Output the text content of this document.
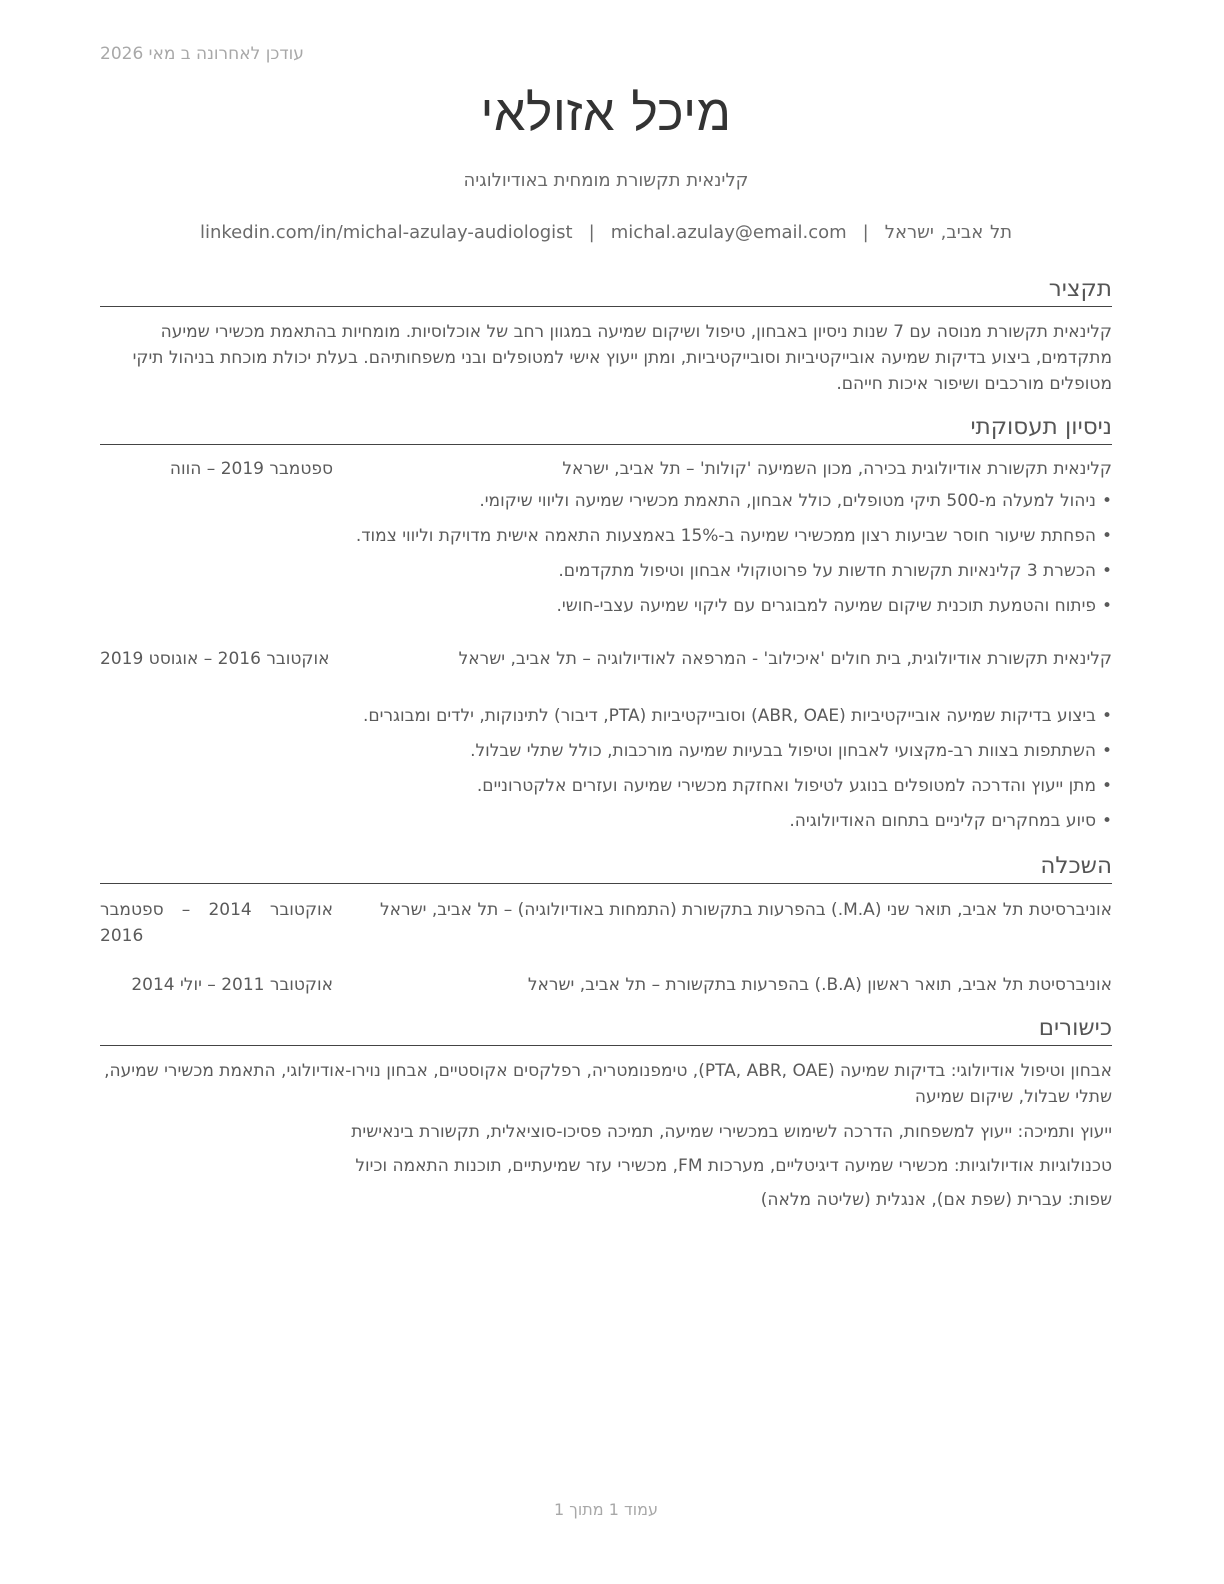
עודכן לאחרונה ב מאי 2026
מיכל אזולאי
קלינאית תקשורת מומחית באודיולוגיה
תל אביב, ישראל|michal.azulay@email.com|linkedin.com/in/michal-azulay-audiologist
תקציר
קלינאית תקשורת מנוסה עם 7 שנות ניסיון באבחון, טיפול ושיקום שמיעה במגוון רחב של אוכלוסיות. מומחיות בהתאמת מכשירי שמיעה מתקדמים, ביצוע בדיקות שמיעה אובייקטיביות וסובייקטיביות, ומתן ייעוץ אישי למטופלים ובני משפחותיהם. בעלת יכולת מוכחת בניהול תיקי מטופלים מורכבים ושיפור איכות חייהם.
ניסיון תעסוקתי
קלינאית תקשורת אודיולוגית בכירה, מכון השמיעה 'קולות' – תל אביב, ישראל
ספטמבר 2019 – הווה
•
ניהול למעלה מ-500 תיקי מטופלים, כולל אבחון, התאמת מכשירי שמיעה וליווי שיקומי.
•
הפחתת שיעור חוסר שביעות רצון ממכשירי שמיעה ב-15% באמצעות התאמה אישית מדויקת וליווי צמוד.
•
הכשרת 3 קלינאיות תקשורת חדשות על פרוטוקולי אבחון וטיפול מתקדמים.
•
פיתוח והטמעת תוכנית שיקום שמיעה למבוגרים עם ליקוי שמיעה עצבי-חושי.
קלינאית תקשורת אודיולוגית, בית חולים 'איכילוב' - המרפאה לאודיולוגיה – תל אביב, ישראל
אוקטובר 2016 – אוגוסט 2019
•
ביצוע בדיקות שמיעה אובייקטיביות (ABR, OAE) וסובייקטיביות (PTA, דיבור) לתינוקות, ילדים ומבוגרים.
•
השתתפות בצוות רב-מקצועי לאבחון וטיפול בבעיות שמיעה מורכבות, כולל שתלי שבלול.
•
מתן ייעוץ והדרכה למטופלים בנוגע לטיפול ואחזקת מכשירי שמיעה ועזרים אלקטרוניים.
•
סיוע במחקרים קליניים בתחום האודיולוגיה.
השכלה
אוניברסיטת תל אביב, תואר שני (M.A.) בהפרעות בתקשורת (התמחות באודיולוגיה) – תל אביב, ישראל
אוקטובר 2014 – ספטמבר 2016
אוניברסיטת תל אביב, תואר ראשון (B.A.) בהפרעות בתקשורת – תל אביב, ישראל
אוקטובר 2011 – יולי 2014
כישורים
אבחון וטיפול אודיולוגי: בדיקות שמיעה (PTA, ABR, OAE), טימפנומטריה, רפלקסים אקוסטיים, אבחון נוירו-אודיולוגי, התאמת מכשירי שמיעה, שתלי שבלול, שיקום שמיעה
ייעוץ ותמיכה: ייעוץ למשפחות, הדרכה לשימוש במכשירי שמיעה, תמיכה פסיכו-סוציאלית, תקשורת בינאישית
טכנולוגיות אודיולוגיות: מכשירי שמיעה דיגיטליים, מערכות FM, מכשירי עזר שמיעתיים, תוכנות התאמה וכיול
שפות: עברית (שפת אם), אנגלית (שליטה מלאה)
עמוד 1 מתוך 1
